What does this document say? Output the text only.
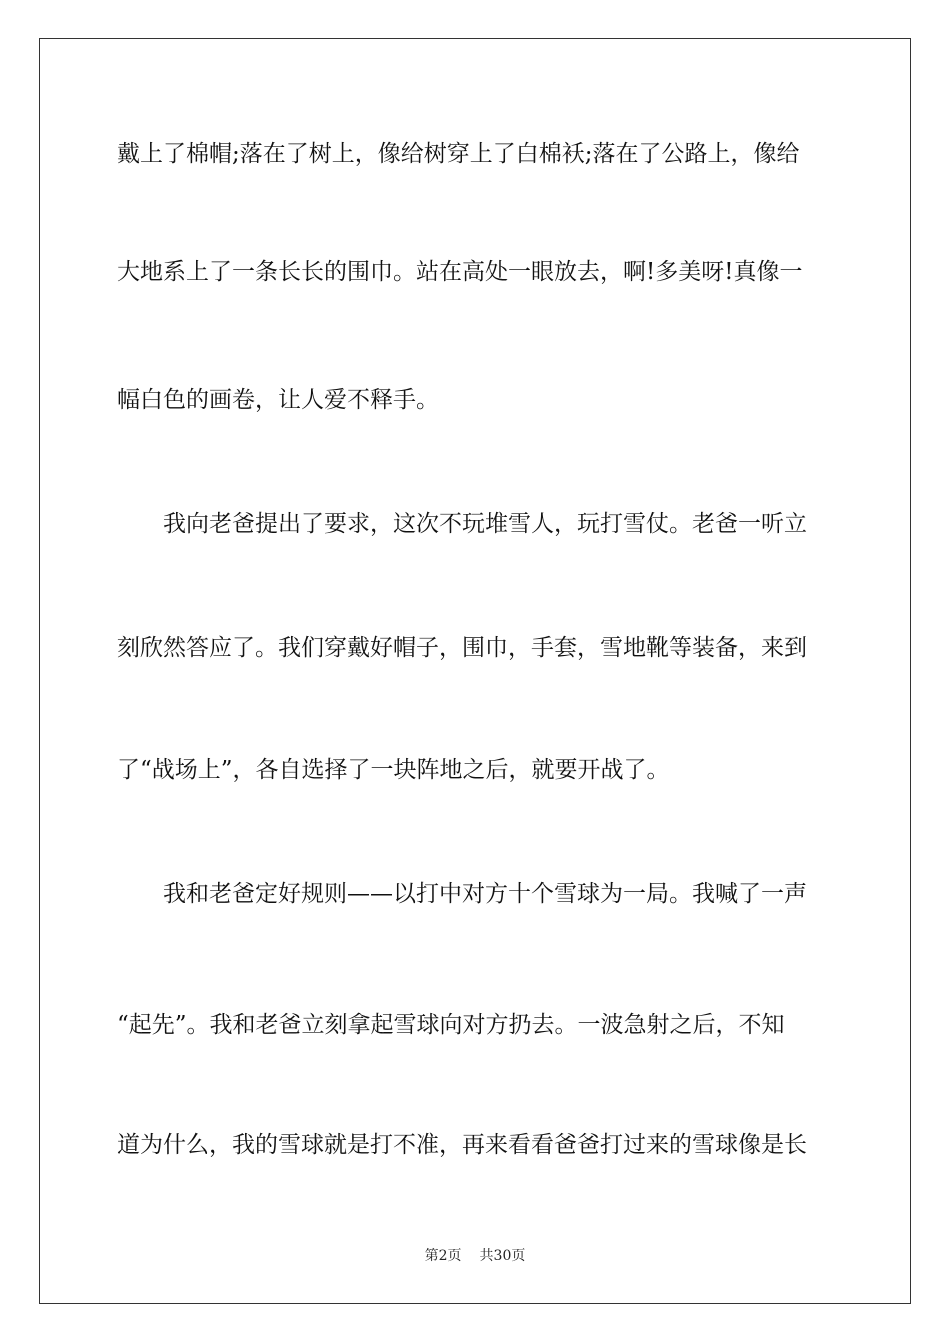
戴上了棉帽;落在了树上，像给树穿上了白棉袄;落在了公路上，像给
大地系上了一条长长的围巾。站在高处一眼放去，啊!多美呀!真像一
幅白色的画卷，让人爱不释手。
我向老爸提出了要求，这次不玩堆雪人，玩打雪仗。老爸一听立
刻欣然答应了。我们穿戴好帽子，围巾，手套，雪地靴等装备，来到
了“战场上”，各自选择了一块阵地之后，就要开战了。
我和老爸定好规则——以打中对方十个雪球为一局。我喊了一声
“起先”。我和老爸立刻拿起雪球向对方扔去。一波急射之后，不知
道为什么，我的雪球就是打不准，再来看看爸爸打过来的雪球像是长
第2页 共30页
